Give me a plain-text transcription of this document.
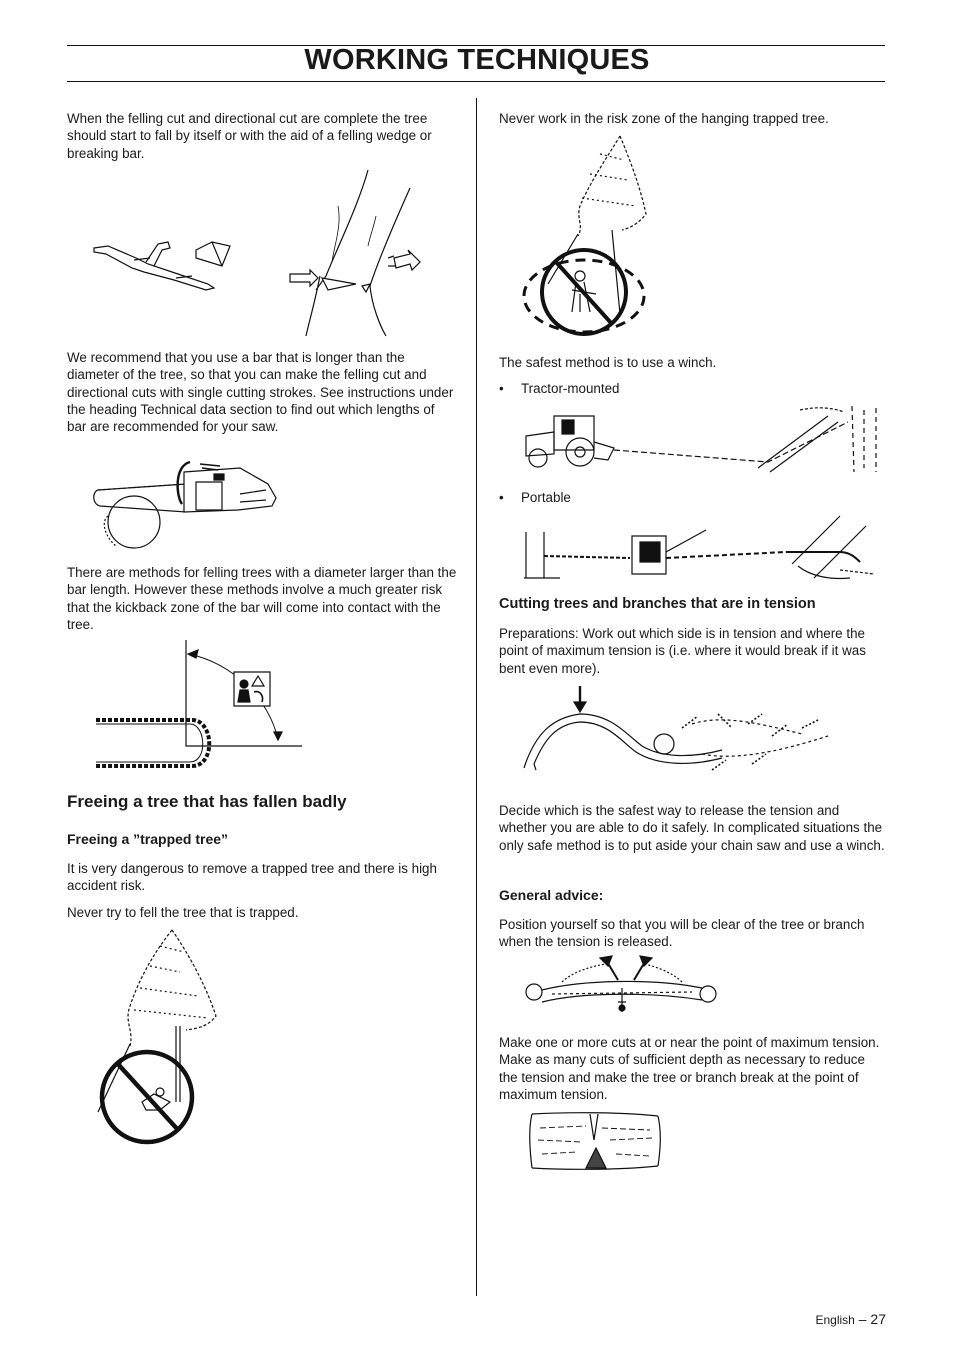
WORKING TECHNIQUES

When the felling cut and directional cut are complete the tree should start to fall by itself or with the aid of a felling wedge or breaking bar.

We recommend that you use a bar that is longer than the diameter of the tree, so that you can make the felling cut and directional cuts with single cutting strokes. See instructions under the heading Technical data section to find out which lengths of bar are recommended for your saw.

There are methods for felling trees with a diameter larger than the bar length. However these methods involve a much greater risk that the kickback zone of the bar will come into contact with the tree.

Freeing a tree that has fallen badly
Freeing a ”trapped tree”

It is very dangerous to remove a trapped tree and there is high accident risk.

Never try to fell the tree that is trapped.

Never work in the risk zone of the hanging trapped tree.

The safest method is to use a winch.

• Tractor-mounted
• Portable
Cutting trees and branches that are in tension

Preparations: Work out which side is in tension and where the point of maximum tension is (i.e. where it would break if it was bent even more).

Decide which is the safest way to release the tension and whether you are able to do it safely. In complicated situations the only safe method is to put aside your chain saw and use a winch.

General advice:

Position yourself so that you will be clear of the tree or branch when the tension is released.

Make one or more cuts at or near the point of maximum tension. Make as many cuts of sufficient depth as necessary to reduce the tension and make the tree or branch break at the point of maximum tension.

English – 27
